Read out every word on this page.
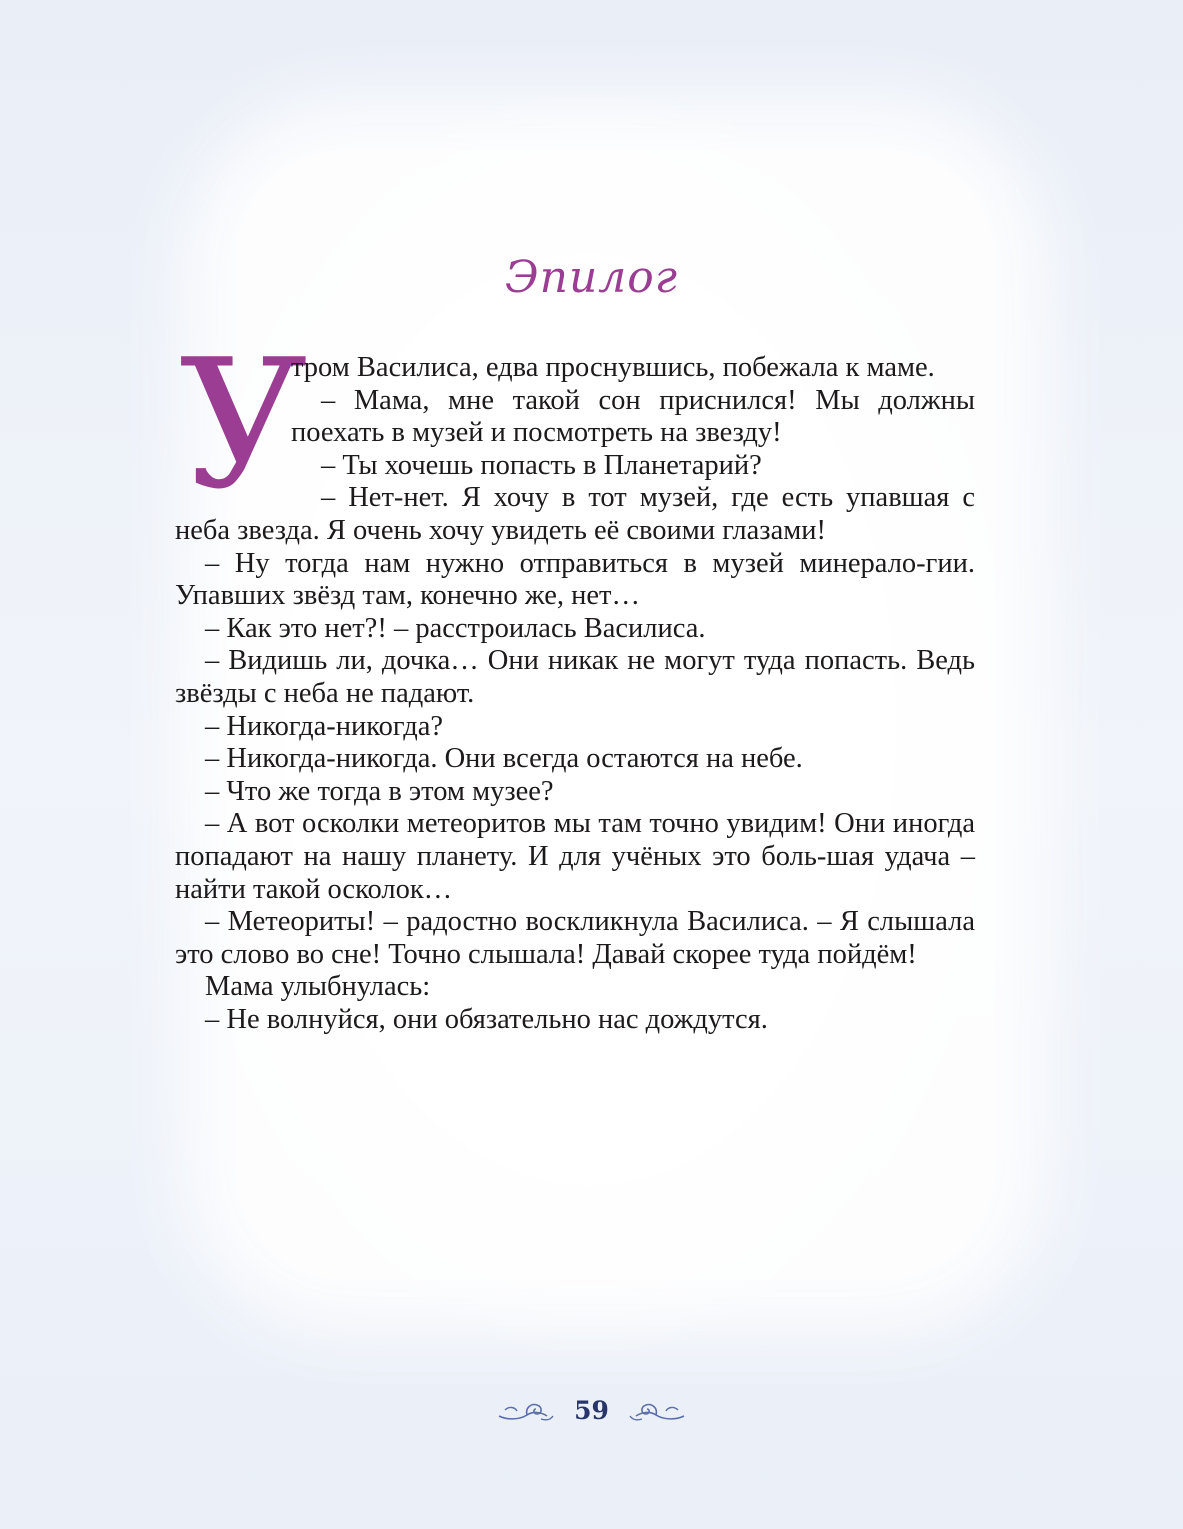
Эпилог

У
тром Василиса, едва проснувшись, побежала к маме.

– Мама, мне такой сон приснился! Мы должны поехать в музей и посмотреть на звезду!

– Ты хочешь попасть в Планетарий?

– Нет-нет. Я хочу в тот музей, где есть упавшая с неба звезда. Я очень хочу увидеть её своими глазами!

– Ну тогда нам нужно отправиться в музей минерало-гии. Упавших звёзд там, конечно же, нет…

– Как это нет?! – расстроилась Василиса.

– Видишь ли, дочка… Они никак не могут туда попасть. Ведь звёзды с неба не падают.

– Никогда-никогда?

– Никогда-никогда. Они всегда остаются на небе.

– Что же тогда в этом музее?

– А вот осколки метеоритов мы там точно увидим! Они иногда попадают на нашу планету. И для учёных это боль-шая удача – найти такой осколок…

– Метеориты! – радостно воскликнула Василиса. – Я слышала это слово во сне! Точно слышала! Давай скорее туда пойдём!

Мама улыбнулась:

– Не волнуйся, они обязательно нас дождутся.

59
